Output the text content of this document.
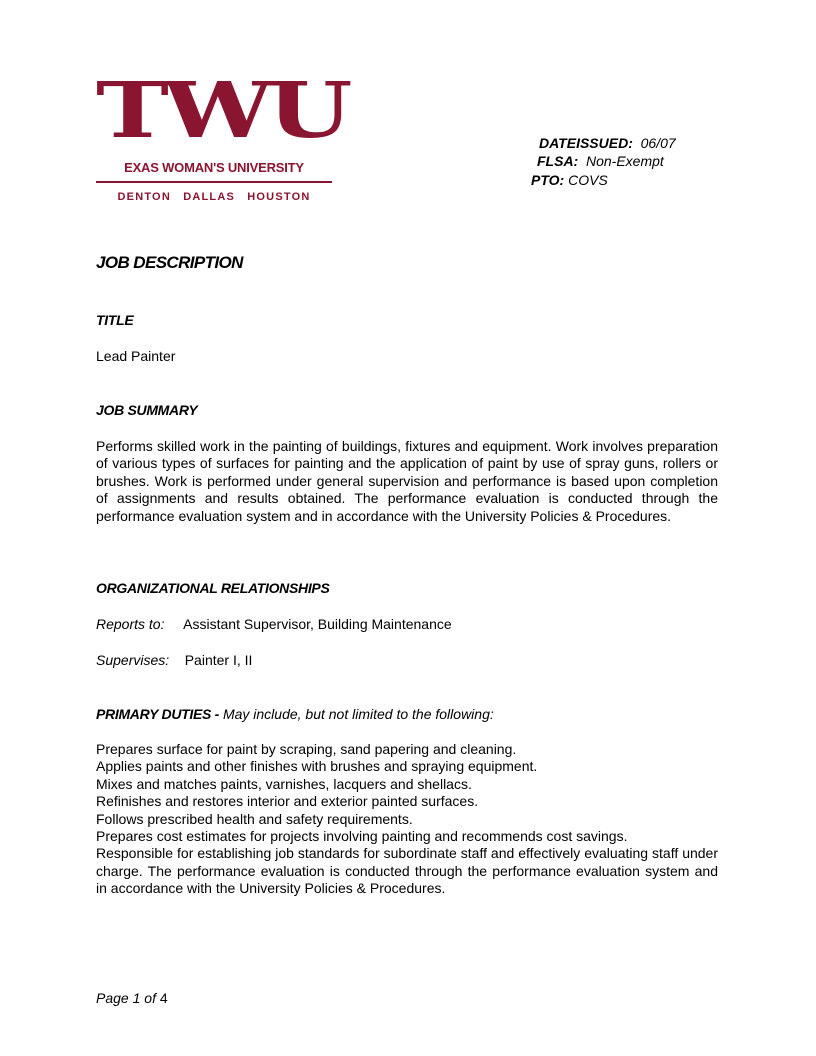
TWU
EXAS WOMAN'S UNIVERSITY
DENTON DALLAS HOUSTON
DATEISSUED: 06/07
FLSA: Non-Exempt
PTO: COVS
JOB DESCRIPTION
TITLE
Lead Painter
JOB SUMMARY
Performs skilled work in the painting of buildings, fixtures and equipment. Work involves preparation of various types of surfaces for painting and the application of paint by use of spray guns, rollers or brushes. Work is performed under general supervision and performance is based upon completion of assignments and results obtained. The performance evaluation is conducted through the performance evaluation system and in accordance with the University Policies & Procedures.
ORGANIZATIONAL RELATIONSHIPS
Reports to: Assistant Supervisor, Building Maintenance
Supervises: Painter I, II
PRIMARY DUTIES - May include, but not limited to the following:
Prepares surface for paint by scraping, sand papering and cleaning.
Applies paints and other finishes with brushes and spraying equipment.
Mixes and matches paints, varnishes, lacquers and shellacs.
Refinishes and restores interior and exterior painted surfaces.
Follows prescribed health and safety requirements.
Prepares cost estimates for projects involving painting and recommends cost savings.
Responsible for establishing job standards for subordinate staff and effectively evaluating staff under charge. The performance evaluation is conducted through the performance evaluation system and in accordance with the University Policies & Procedures.
Page 1 of 4
